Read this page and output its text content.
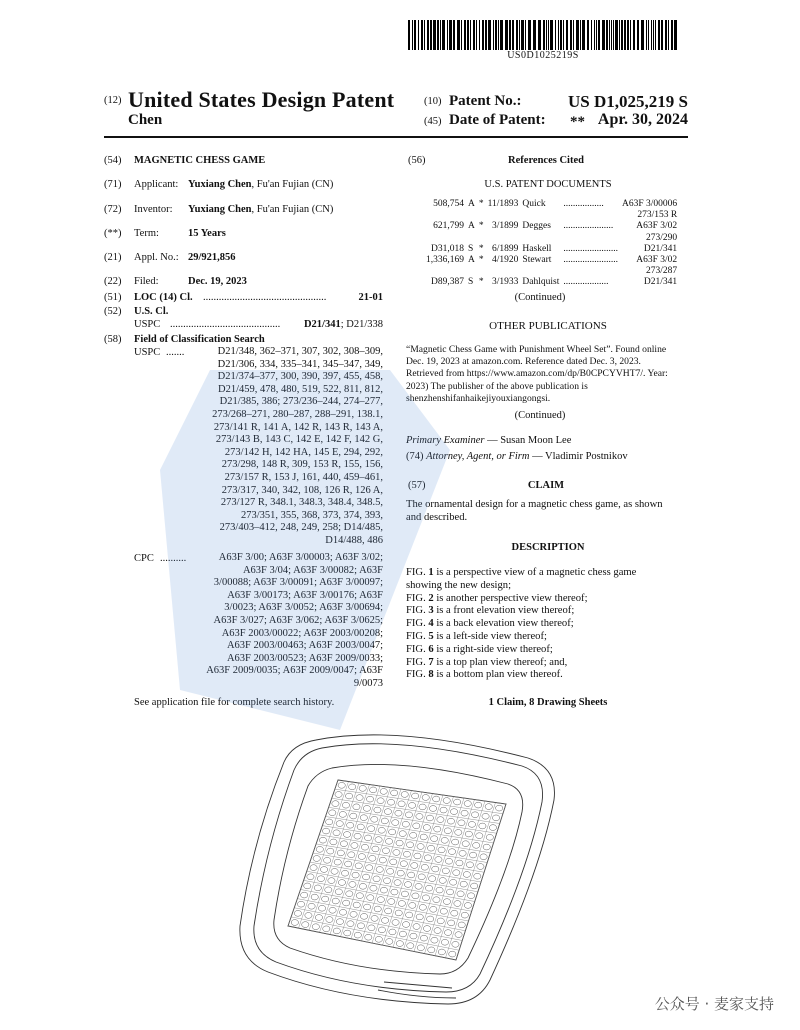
US0D1025219S
(12) United States Design Patent
Chen
(10) Patent No.:	US D1,025,219 S
(45) Date of Patent: ** Apr. 30, 2024
(54) MAGNETIC CHESS GAME
(71) Applicant: Yuxiang Chen, Fu'an Fujian (CN)
(72) Inventor: Yuxiang Chen, Fu'an Fujian (CN)
(**) Term:	15 Years
(21) Appl. No.: 29/921,856
(22) Filed:	Dec. 19, 2023
(51) LOC (14) Cl. ...............................................	21-01
(52) U.S. Cl.
USPC ..........................................	D21/341; D21/338
(58) Field of Classification Search
USPC .......	D21/348, 362–371, 307, 302, 308–309,
D21/306, 334, 335–341, 345–347, 349,
D21/374–377, 300, 390, 397, 455, 458,
D21/459, 478, 480, 519, 522, 811, 812,
D21/385, 386; 273/236–244, 274–277,
273/268–271, 280–287, 288–291, 138.1,
273/141 R, 141 A, 142 R, 143 R, 143 A,
273/143 B, 143 C, 142 E, 142 F, 142 G,
273/142 H, 142 HA, 145 E, 294, 292,
273/298, 148 R, 309, 153 R, 155, 156,
273/157 R, 153 J, 161, 440, 459–461,
273/317, 340, 342, 108, 126 R, 126 A,
273/127 R, 348.1, 348.3, 348.4, 348.5,
273/351, 355, 368, 373, 374, 393,
273/403–412, 248, 249, 258; D14/485,
D14/488, 486
CPC ..........	A63F 3/00; A63F 3/00003; A63F 3/02;
A63F 3/04; A63F 3/00082; A63F
3/00088; A63F 3/00091; A63F 3/00097;
A63F 3/00173; A63F 3/00176; A63F
3/0023; A63F 3/0052; A63F 3/00694;
A63F 3/027; A63F 3/062; A63F 3/0625;
A63F 2003/00022; A63F 2003/00208;
A63F 2003/00463; A63F 2003/0047;
A63F 2003/00523; A63F 2009/0033;
A63F 2009/0035; A63F 2009/0047; A63F
9/0073
See application file for complete search history.
(56)	References Cited
U.S. PATENT DOCUMENTS
508,754	A	*	11/1893	Quick	.................	A63F 3/00006
273/153 R						
621,799	A	*	3/1899	Degges	.....................	A63F 3/02
273/290						
D31,018	S	*	6/1899	Haskell	.......................	D21/341
1,336,169	A	*	4/1920	Stewart	.......................	A63F 3/02
273/287						
D89,387	S	*	3/1933	Dahlquist	...................	D21/341
(Continued)
OTHER PUBLICATIONS
“Magnetic Chess Game with Punishment Wheel Set”. Found online
Dec. 19, 2023 at amazon.com. Reference dated Dec. 3, 2023.
Retrieved from https://www.amazon.com/dp/B0CPCYVHT7/. Year:
2023) The publisher of the above publication is
shenzhenshifanhaikejiyouxiangongsi.
(Continued)
Primary Examiner — Susan Moon Lee
(74) Attorney, Agent, or Firm — Vladimir Postnikov
(57)	CLAIM
The ornamental design for a magnetic chess game, as shown
and described.
DESCRIPTION
FIG. 1 is a perspective view of a magnetic chess game
showing the new design;
FIG. 2 is another perspective view thereof;
FIG. 3 is a front elevation view thereof;
FIG. 4 is a back elevation view thereof;
FIG. 5 is a left-side view thereof;
FIG. 6 is a right-side view thereof;
FIG. 7 is a top plan view thereof; and,
FIG. 8 is a bottom plan view thereof.
1 Claim, 8 Drawing Sheets
公众号 · 麦家支持
